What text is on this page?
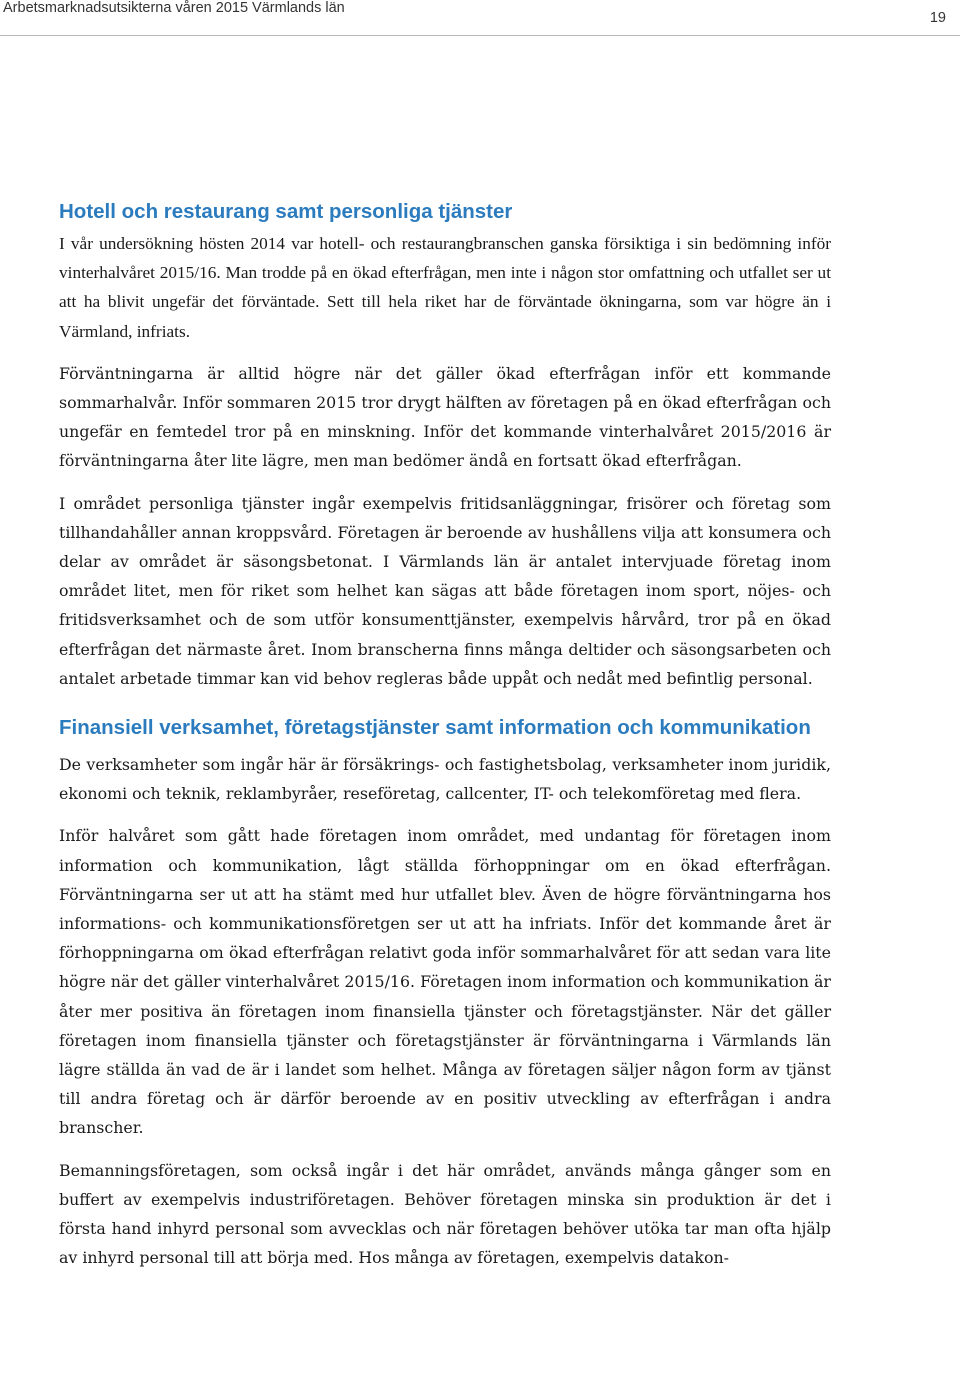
Arbetsmarknadsutsikterna våren 2015 Värmlands län
19
Hotell och restaurang samt personliga tjänster

I vår undersökning hösten 2014 var hotell- och restaurangbranschen ganska försiktiga i sin bedömning inför vinterhalvåret 2015/16. Man trodde på en ökad efterfrågan, men inte i någon stor omfattning och utfallet ser ut att ha blivit ungefär det förväntade. Sett till hela riket har de förväntade ökningarna, som var högre än i Värmland, infriats.

Förväntningarna är alltid högre när det gäller ökad efterfrågan inför ett kommande sommarhalvår. Inför sommaren 2015 tror drygt hälften av företagen på en ökad efterfrågan och ungefär en femtedel tror på en minskning. Inför det kommande vinterhalvåret 2015/2016 är förväntningarna åter lite lägre, men man bedömer ändå en fortsatt ökad efterfrågan.

I området personliga tjänster ingår exempelvis fritidsanläggningar, frisörer och företag som tillhandahåller annan kroppsvård. Företagen är beroende av hushållens vilja att konsumera och delar av området är säsongsbetonat. I Värmlands län är antalet intervjuade företag inom området litet, men för riket som helhet kan sägas att både företagen inom sport, nöjes- och fritidsverksamhet och de som utför konsumenttjänster, exempelvis hårvård, tror på en ökad efterfrågan det närmaste året. Inom branscherna finns många deltider och säsongsarbeten och antalet arbetade timmar kan vid behov regleras både uppåt och nedåt med befintlig personal.

Finansiell verksamhet, företagstjänster samt information och kommunikation

De verksamheter som ingår här är försäkrings- och fastighetsbolag, verksamheter inom juridik, ekonomi och teknik, reklambyråer, reseföretag, callcenter, IT- och telekomföretag med flera.

Inför halvåret som gått hade företagen inom området, med undantag för företagen inom information och kommunikation, lågt ställda förhoppningar om en ökad efterfrågan. Förväntningarna ser ut att ha stämt med hur utfallet blev. Även de högre förväntningarna hos informations- och kommunikationsföretgen ser ut att ha infriats. Inför det kommande året är förhoppningarna om ökad efterfrågan relativt goda inför sommarhalvåret för att sedan vara lite högre när det gäller vinterhalvåret 2015/16. Företagen inom information och kommunikation är åter mer positiva än företagen inom finansiella tjänster och företagstjänster. När det gäller företagen inom finansiella tjänster och företagstjänster är förväntningarna i Värmlands län lägre ställda än vad de är i landet som helhet. Många av företagen säljer någon form av tjänst till andra företag och är därför beroende av en positiv utveckling av efterfrågan i andra branscher.

Bemanningsföretagen, som också ingår i det här området, används många gånger som en buffert av exempelvis industriföretagen. Behöver företagen minska sin produktion är det i första hand inhyrd personal som avvecklas och när företagen behöver utöka tar man ofta hjälp av inhyrd personal till att börja med. Hos många av företagen, exempelvis datakon-
